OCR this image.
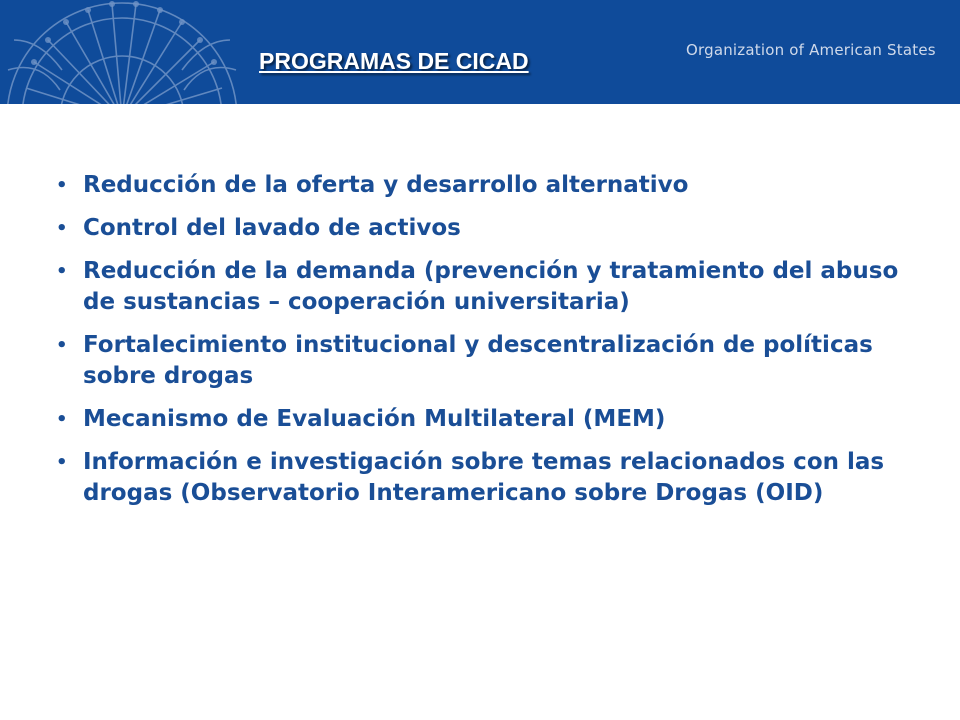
PROGRAMAS DE CICAD	Organization of American States
• Reducción de la oferta y desarrollo alternativo
• Control del lavado de activos
• Reducción de la demanda (prevención y tratamiento del abuso de sustancias – cooperación universitaria)
• Fortalecimiento institucional y descentralización de políticas sobre drogas
• Mecanismo de Evaluación Multilateral (MEM)
• Información e investigación sobre temas relacionados con las drogas (Observatorio Interamericano sobre Drogas (OID)
